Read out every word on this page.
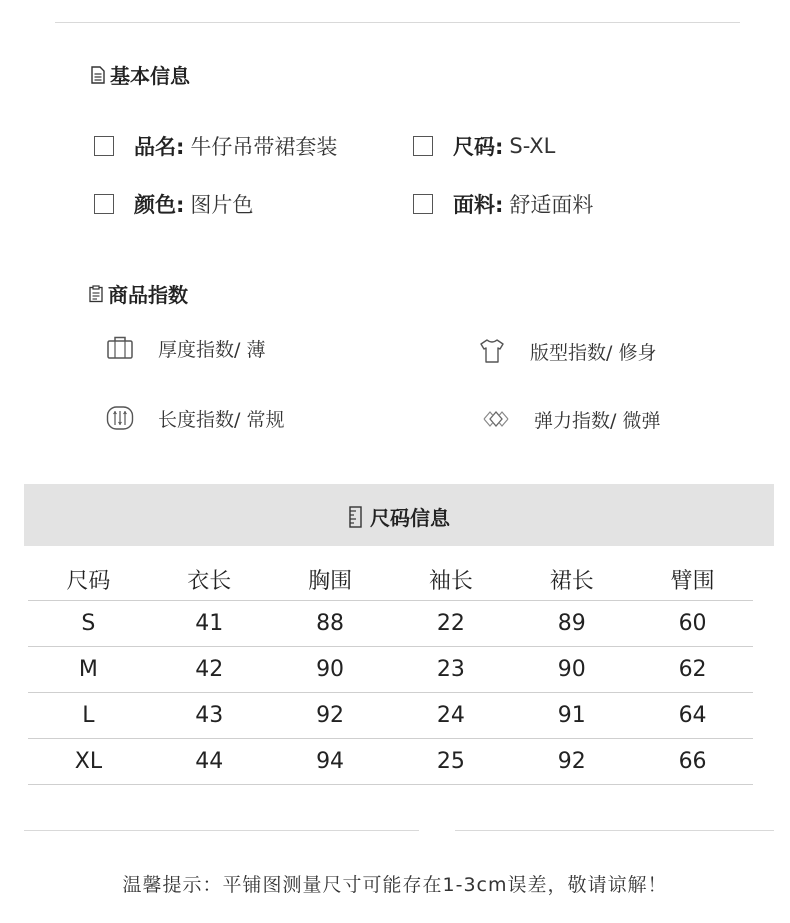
基本信息
品名: 牛仔吊带裙套装	尺码: S-XL
颜色: 图片色	面料: 舒适面料
商品指数
厚度指数/ 薄	版型指数/ 修身
长度指数/ 常规	弹力指数/ 微弹
尺码信息
尺码	衣长	胸围	袖长	裙长	臂围
S	41	88	22	89	60
M	42	90	23	90	62
L	43	92	24	91	64
XL	44	94	25	92	66
温馨提示：平铺图测量尺寸可能存在1-3cm误差，敬请谅解！
